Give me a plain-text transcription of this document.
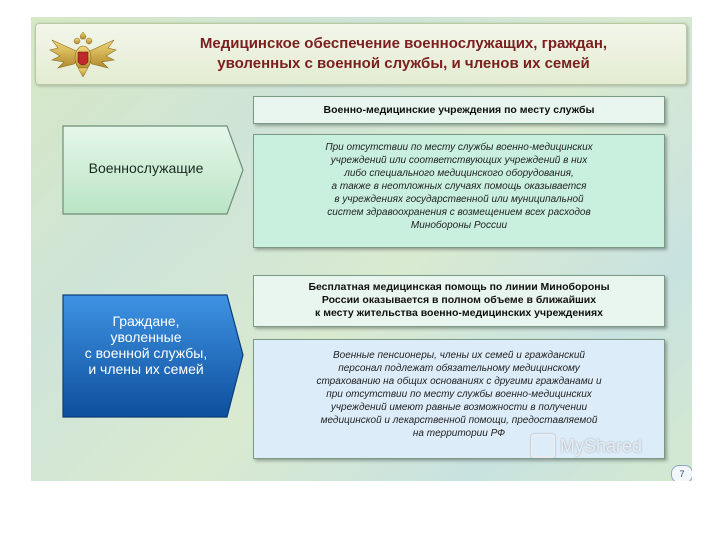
Медицинское обеспечение военнослужащих, граждан,
уволенных с военной службы, и членов их семей
Военнослужащие
Граждане,
уволенные
с военной службы,
и члены их семей
Военно-медицинские учреждения по месту службы
При отсутствии по месту службы военно-медицинских
учреждений или соответствующих учреждений в них
либо специального медицинского оборудования,
а также в неотложных случаях помощь оказывается
в учреждениях государственной или муниципальной
систем здравоохранения с возмещением всех расходов
Минобороны России
Бесплатная медицинская помощь по линии Минобороны
России оказывается в полном объеме в ближайших
к месту жительства военно-медицинских учреждениях
Военные пенсионеры, члены их семей и гражданский
персонал подлежат обязательному медицинскому
страхованию на общих основаниях с другими гражданами и
при отсутствии по месту службы военно-медицинских
учреждений имеют равные возможности в получении
медицинской и лекарственной помощи, предоставляемой
на территории РФ
MyShared
7
